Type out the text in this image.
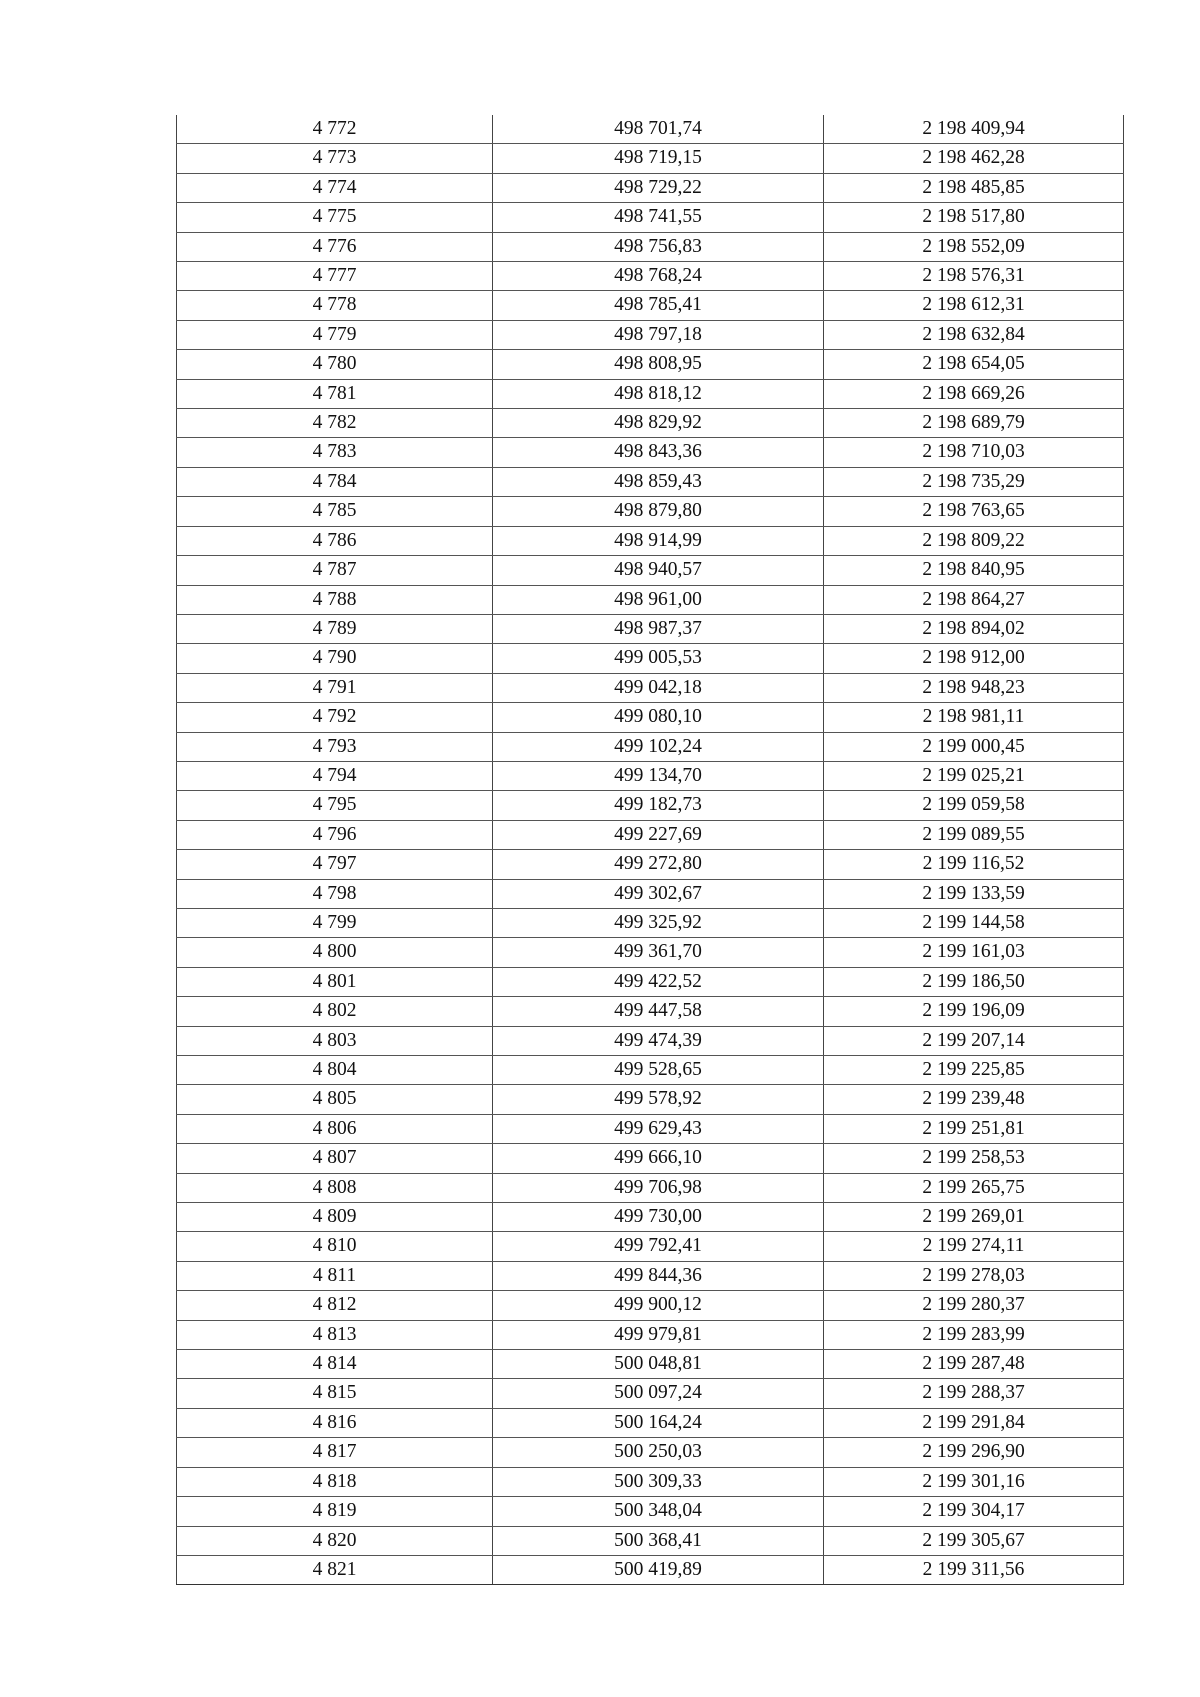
4 772	498 701,74	2 198 409,94
4 773	498 719,15	2 198 462,28
4 774	498 729,22	2 198 485,85
4 775	498 741,55	2 198 517,80
4 776	498 756,83	2 198 552,09
4 777	498 768,24	2 198 576,31
4 778	498 785,41	2 198 612,31
4 779	498 797,18	2 198 632,84
4 780	498 808,95	2 198 654,05
4 781	498 818,12	2 198 669,26
4 782	498 829,92	2 198 689,79
4 783	498 843,36	2 198 710,03
4 784	498 859,43	2 198 735,29
4 785	498 879,80	2 198 763,65
4 786	498 914,99	2 198 809,22
4 787	498 940,57	2 198 840,95
4 788	498 961,00	2 198 864,27
4 789	498 987,37	2 198 894,02
4 790	499 005,53	2 198 912,00
4 791	499 042,18	2 198 948,23
4 792	499 080,10	2 198 981,11
4 793	499 102,24	2 199 000,45
4 794	499 134,70	2 199 025,21
4 795	499 182,73	2 199 059,58
4 796	499 227,69	2 199 089,55
4 797	499 272,80	2 199 116,52
4 798	499 302,67	2 199 133,59
4 799	499 325,92	2 199 144,58
4 800	499 361,70	2 199 161,03
4 801	499 422,52	2 199 186,50
4 802	499 447,58	2 199 196,09
4 803	499 474,39	2 199 207,14
4 804	499 528,65	2 199 225,85
4 805	499 578,92	2 199 239,48
4 806	499 629,43	2 199 251,81
4 807	499 666,10	2 199 258,53
4 808	499 706,98	2 199 265,75
4 809	499 730,00	2 199 269,01
4 810	499 792,41	2 199 274,11
4 811	499 844,36	2 199 278,03
4 812	499 900,12	2 199 280,37
4 813	499 979,81	2 199 283,99
4 814	500 048,81	2 199 287,48
4 815	500 097,24	2 199 288,37
4 816	500 164,24	2 199 291,84
4 817	500 250,03	2 199 296,90
4 818	500 309,33	2 199 301,16
4 819	500 348,04	2 199 304,17
4 820	500 368,41	2 199 305,67
4 821	500 419,89	2 199 311,56
